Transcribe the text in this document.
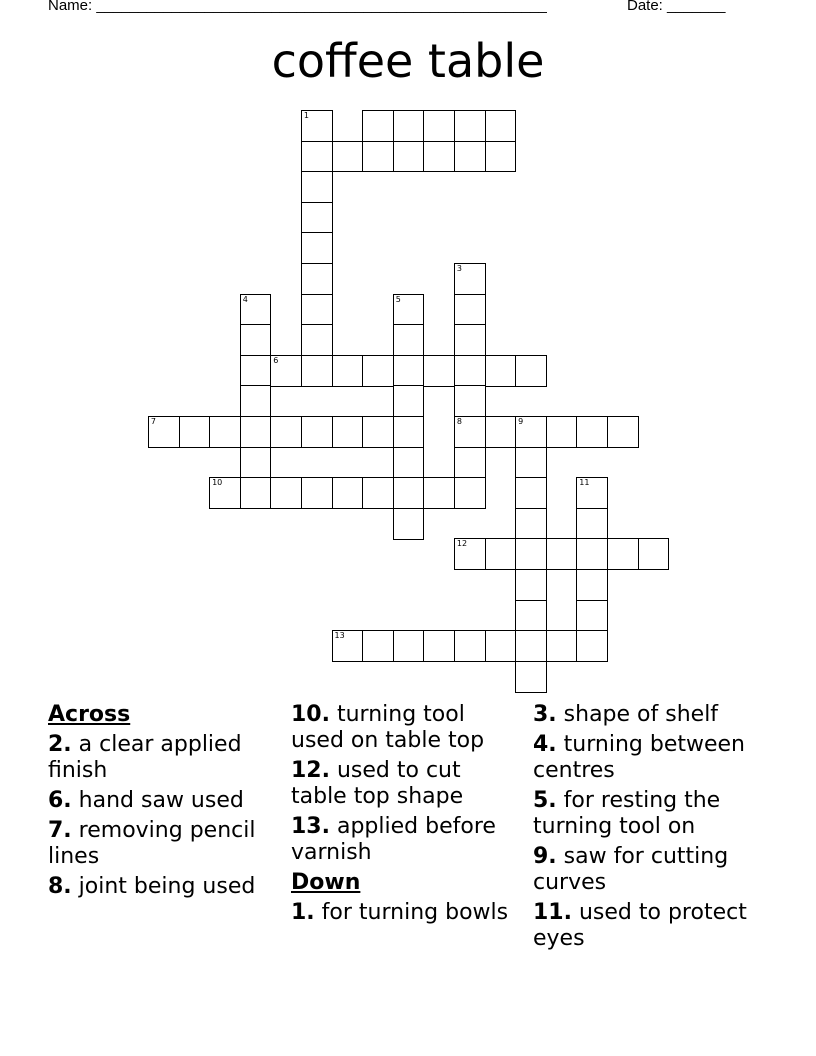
Name: ______________________________________________________	Date: _______
coffee table
1
3
4	5
6
7	8	9
10	11
12
13
Across
2. a clear applied finish
6. hand saw used
7. removing pencil lines
8. joint being used
10. turning tool used on table top
12. used to cut table top shape
13. applied before varnish
Down
1. for turning bowls
3. shape of shelf
4. turning between centres
5. for resting the turning tool on
9. saw for cutting curves
11. used to protect eyes
